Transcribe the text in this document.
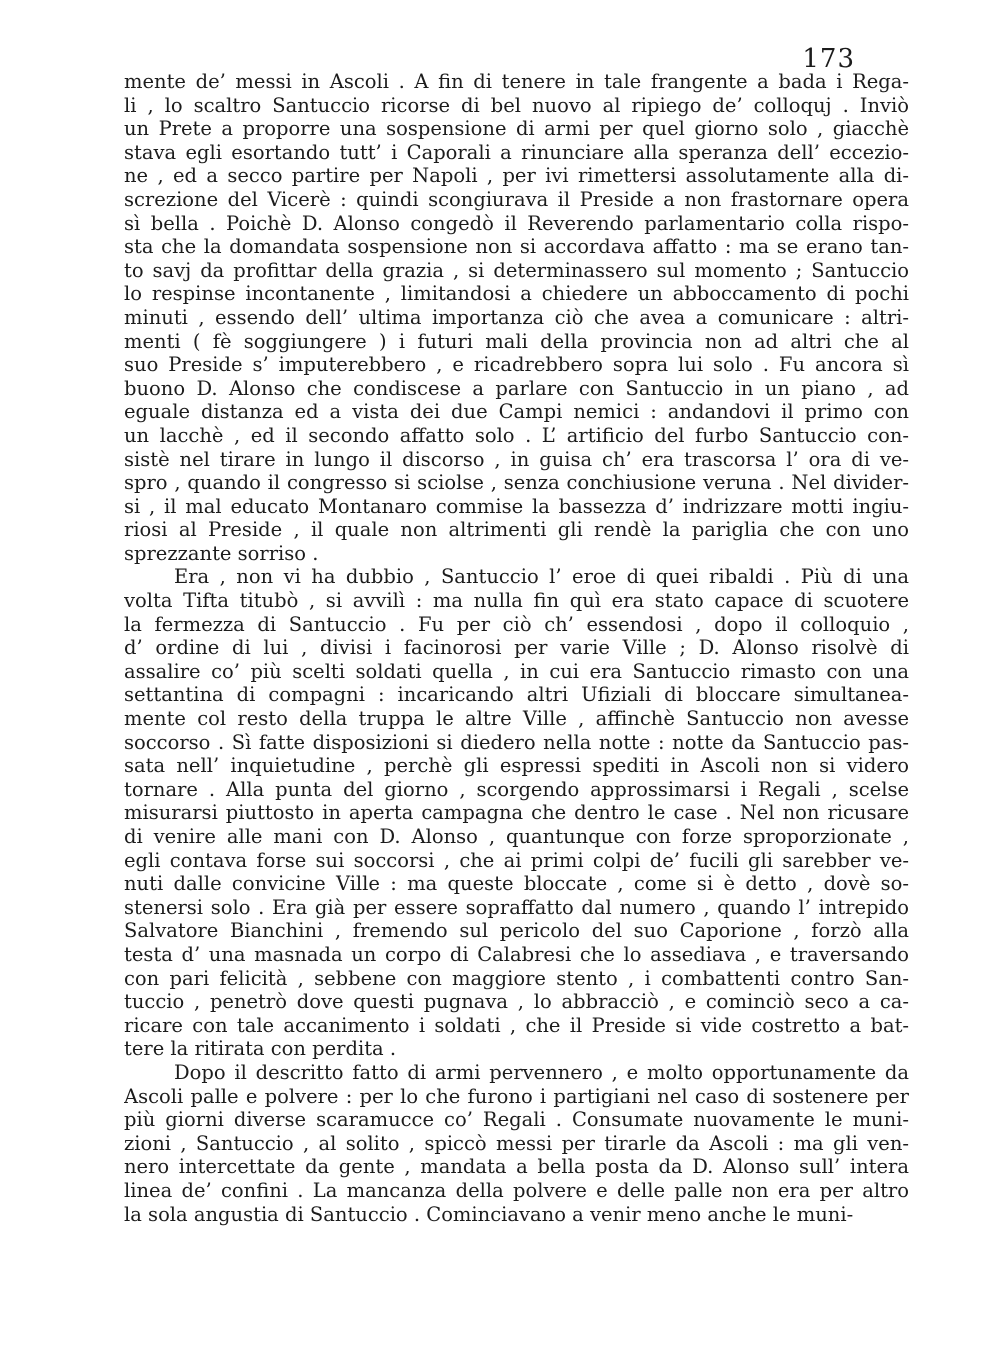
173
mente de’ messi in Ascoli . A fin di tenere in tale frangente a bada i Rega-
li , lo scaltro Santuccio ricorse di bel nuovo al ripiego de’ colloquj . Inviò
un Prete a proporre una sospensione di armi per quel giorno solo , giacchè
stava egli esortando tutt’ i Caporali a rinunciare alla speranza dell’ eccezio-
ne , ed a secco partire per Napoli , per ivi rimettersi assolutamente alla di-
screzione del Vicerè : quindi scongiurava il Preside a non frastornare opera
sì bella . Poichè D. Alonso congedò il Reverendo parlamentario colla rispo-
sta che la domandata sospensione non si accordava affatto : ma se erano tan-
to savj da profittar della grazia , si determinassero sul momento ; Santuccio
lo respinse incontanente , limitandosi a chiedere un abboccamento di pochi
minuti , essendo dell’ ultima importanza ciò che avea a comunicare : altri-
menti ( fè soggiungere ) i futuri mali della provincia non ad altri che al
suo Preside s’ imputerebbero , e ricadrebbero sopra lui solo . Fu ancora sì
buono D. Alonso che condiscese a parlare con Santuccio in un piano , ad
eguale distanza ed a vista dei due Campi nemici : andandovi il primo con
un lacchè , ed il secondo affatto solo . L’ artificio del furbo Santuccio con-
sistè nel tirare in lungo il discorso , in guisa ch’ era trascorsa l’ ora di ve-
spro , quando il congresso si sciolse , senza conchiusione veruna . Nel divider-
si , il mal educato Montanaro commise la bassezza d’ indrizzare motti ingiu-
riosi al Preside , il quale non altrimenti gli rendè la pariglia che con uno
sprezzante sorriso .
Era , non vi ha dubbio , Santuccio l’ eroe di quei ribaldi . Più di una
volta Tifta titubò , si avvilì : ma nulla fin quì era stato capace di scuotere
la fermezza di Santuccio . Fu per ciò ch’ essendosi , dopo il colloquio ,
d’ ordine di lui , divisi i facinorosi per varie Ville ; D. Alonso risolvè di
assalire co’ più scelti soldati quella , in cui era Santuccio rimasto con una
settantina di compagni : incaricando altri Ufiziali di bloccare simultanea-
mente col resto della truppa le altre Ville , affinchè Santuccio non avesse
soccorso . Sì fatte disposizioni si diedero nella notte : notte da Santuccio pas-
sata nell’ inquietudine , perchè gli espressi spediti in Ascoli non si videro
tornare . Alla punta del giorno , scorgendo approssimarsi i Regali , scelse
misurarsi piuttosto in aperta campagna che dentro le case . Nel non ricusare
di venire alle mani con D. Alonso , quantunque con forze sproporzionate ,
egli contava forse sui soccorsi , che ai primi colpi de’ fucili gli sarebber ve-
nuti dalle convicine Ville : ma queste bloccate , come si è detto , dovè so-
stenersi solo . Era già per essere sopraffatto dal numero , quando l’ intrepido
Salvatore Bianchini , fremendo sul pericolo del suo Caporione , forzò alla
testa d’ una masnada un corpo di Calabresi che lo assediava , e traversando
con pari felicità , sebbene con maggiore stento , i combattenti contro San-
tuccio , penetrò dove questi pugnava , lo abbracciò , e cominciò seco a ca-
ricare con tale accanimento i soldati , che il Preside si vide costretto a bat-
tere la ritirata con perdita .
Dopo il descritto fatto di armi pervennero , e molto opportunamente da
Ascoli palle e polvere : per lo che furono i partigiani nel caso di sostenere per
più giorni diverse scaramucce co’ Regali . Consumate nuovamente le muni-
zioni , Santuccio , al solito , spiccò messi per tirarle da Ascoli : ma gli ven-
nero intercettate da gente , mandata a bella posta da D. Alonso sull’ intera
linea de’ confini . La mancanza della polvere e delle palle non era per altro
la sola angustia di Santuccio . Cominciavano a venir meno anche le muni-
